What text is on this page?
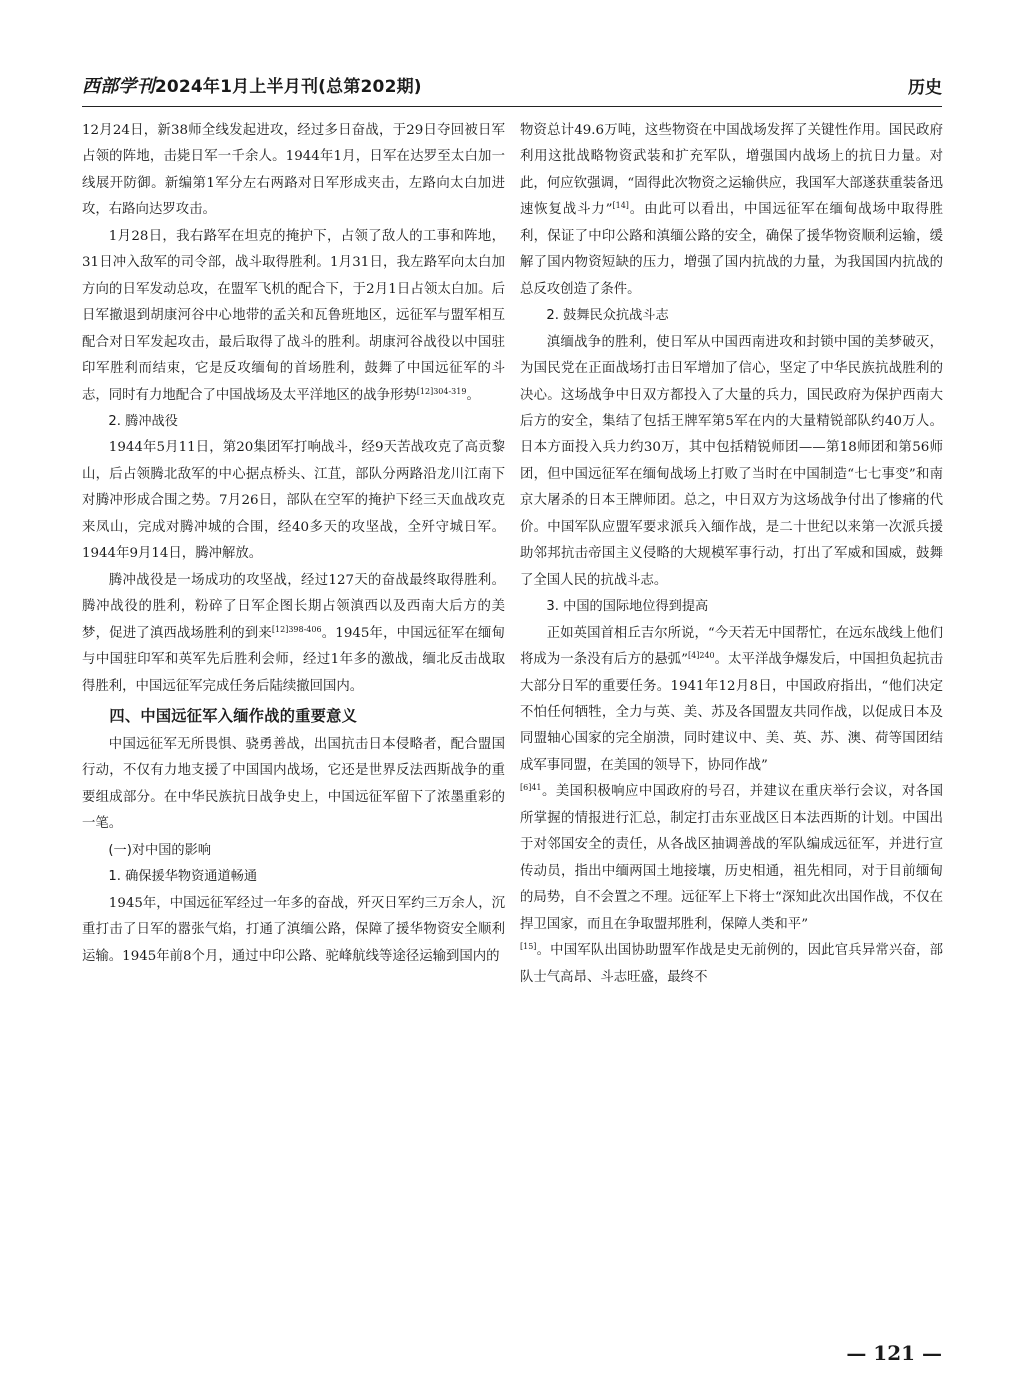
西部学刊2024年1月上半月刊(总第202期)	历史

12月24日，新38师全线发起进攻，经过多日奋战，于29日夺回被日军占领的阵地，击毙日军一千余人。1944年1月，日军在达罗至太白加一线展开防御。新编第1军分左右两路对日军形成夹击，左路向太白加进攻，右路向达罗攻击。

1月28日，我右路军在坦克的掩护下，占领了敌人的工事和阵地，31日冲入敌军的司令部，战斗取得胜利。1月31日，我左路军向太白加方向的日军发动总攻，在盟军飞机的配合下，于2月1日占领太白加。后日军撤退到胡康河谷中心地带的孟关和瓦鲁班地区，远征军与盟军相互配合对日军发起攻击，最后取得了战斗的胜利。胡康河谷战役以中国驻印军胜利而结束，它是反攻缅甸的首场胜利，鼓舞了中国远征军的斗志，同时有力地配合了中国战场及太平洋地区的战争形势$^{[12]304-319}$。

2. 腾冲战役

1944年5月11日，第20集团军打响战斗，经9天苦战攻克了高贡黎山，后占领腾北敌军的中心据点桥头、江苴，部队分两路沿龙川江南下对腾冲形成合围之势。7月26日，部队在空军的掩护下经三天血战攻克来凤山，完成对腾冲城的合围，经40多天的攻坚战，全歼守城日军。1944年9月14日，腾冲解放。

腾冲战役是一场成功的攻坚战，经过127天的奋战最终取得胜利。腾冲战役的胜利，粉碎了日军企图长期占领滇西以及西南大后方的美梦，促进了滇西战场胜利的到来$^{[12]398-406}$。1945年，中国远征军在缅甸与中国驻印军和英军先后胜利会师，经过1年多的激战，缅北反击战取得胜利，中国远征军完成任务后陆续撤回国内。

四、中国远征军入缅作战的重要意义

中国远征军无所畏惧、骁勇善战，出国抗击日本侵略者，配合盟国行动，不仅有力地支援了中国国内战场，它还是世界反法西斯战争的重要组成部分。在中华民族抗日战争史上，中国远征军留下了浓墨重彩的一笔。

(一)对中国的影响

1. 确保援华物资通道畅通

1945年，中国远征军经过一年多的奋战，歼灭日军约三万余人，沉重打击了日军的嚣张气焰，打通了滇缅公路，保障了援华物资安全顺利运输。1945年前8个月，通过中印公路、驼峰航线等途径运输到国内的

物资总计49.6万吨，这些物资在中国战场发挥了关键性作用。国民政府利用这批战略物资武装和扩充军队，增强国内战场上的抗日力量。对此，何应钦强调，“固得此次物资之运输供应，我国军大部遂获重装备迅速恢复战斗力”[14]。由此可以看出，中国远征军在缅甸战场中取得胜利，保证了中印公路和滇缅公路的安全，确保了援华物资顺利运输，缓解了国内物资短缺的压力，增强了国内抗战的力量，为我国国内抗战的总反攻创造了条件。

2. 鼓舞民众抗战斗志

滇缅战争的胜利，使日军从中国西南进攻和封锁中国的美梦破灭，为国民党在正面战场打击日军增加了信心，坚定了中华民族抗战胜利的决心。这场战争中日双方都投入了大量的兵力，国民政府为保护西南大后方的安全，集结了包括王牌军第5军在内的大量精锐部队约40万人。日本方面投入兵力约30万，其中包括精锐师团——第18师团和第56师团，但中国远征军在缅甸战场上打败了当时在中国制造“七七事变”和南京大屠杀的日本王牌师团。总之，中日双方为这场战争付出了惨痛的代价。中国军队应盟军要求派兵入缅作战，是二十世纪以来第一次派兵援助邻邦抗击帝国主义侵略的大规模军事行动，打出了军威和国威，鼓舞了全国人民的抗战斗志。

3. 中国的国际地位得到提高

正如英国首相丘吉尔所说，“今天若无中国帮忙，在远东战线上他们将成为一条没有后方的悬弧”$^{[4]240}$。太平洋战争爆发后，中国担负起抗击大部分日军的重要任务。1941年12月8日，中国政府指出，“他们决定不怕任何牺牲，全力与英、美、苏及各国盟友共同作战，以促成日本及同盟轴心国家的完全崩溃，同时建议中、美、英、苏、澳、荷等国团结成军事同盟，在美国的领导下，协同作战”

$^{[6]41}$。美国积极响应中国政府的号召，并建议在重庆举行会议，对各国所掌握的情报进行汇总，制定打击东亚战区日本法西斯的计划。中国出于对邻国安全的责任，从各战区抽调善战的军队编成远征军，并进行宣传动员，指出中缅两国土地接壤，历史相通，祖先相同，对于目前缅甸的局势，自不会置之不理。远征军上下将士“深知此次出国作战，不仅在捍卫国家，而且在争取盟邦胜利，保障人类和平”

[15]。中国军队出国协助盟军作战是史无前例的，因此官兵异常兴奋，部队士气高昂、斗志旺盛，最终不

— 121 —
